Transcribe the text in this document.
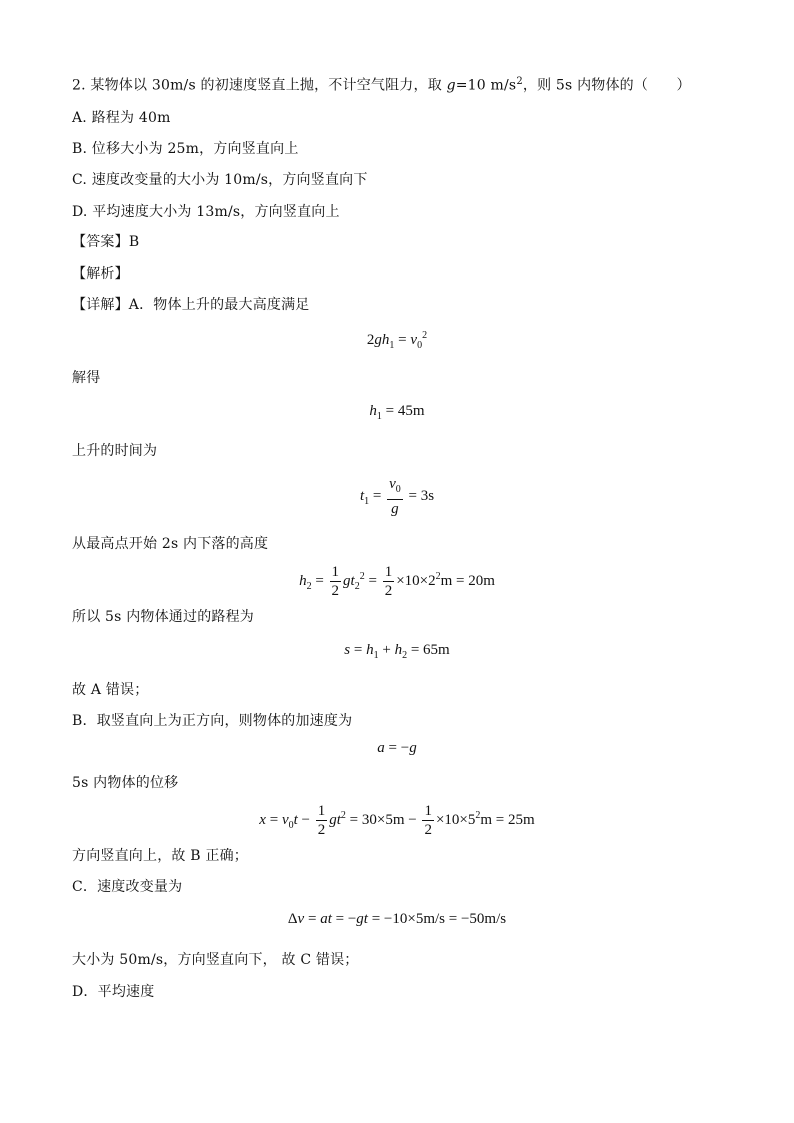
2. 某物体以 30m/s 的初速度竖直上抛，不计空气阻力，取 g=10 $m/s^2$，则 5s 内物体的（　　）
A. 路程为 40m
B. 位移大小为 25m，方向竖直向上
C. 速度改变量的大小为 10m/s，方向竖直向下
D. 平均速度大小为 13m/s，方向竖直向上
【答案】B
【解析】
【详解】A．物体上升的最大高度满足
$2gh_1 = v_0^2$
解得
$h_1 = 45m$
上升的时间为
$t_1 = \frac{v_0}{g} = 3s$
从最高点开始 2s 内下落的高度
$h_2 = \frac{1}{2} gt_2^2 = \frac{1}{2} \times 10\times 2^2m = 20m$
所以 5s 内物体通过的路程为
$s = h_1 + h_2 = 65m$
故 A 错误；
B．取竖直向上为正方向，则物体的加速度为
a = −g
5s 内物体的位移
$x = v_0t - \frac{1}{2} gt^2 = 30\times 5m - \frac{1}{2} \times 10\times 5^2m = 25m$
方向竖直向上，故 B 正确；
C．速度改变量为
Δv = at = −gt = −10×5m/s = −50m/s
大小为 50m/s，方向竖直向下， 故 C 错误；
D．平均速度
